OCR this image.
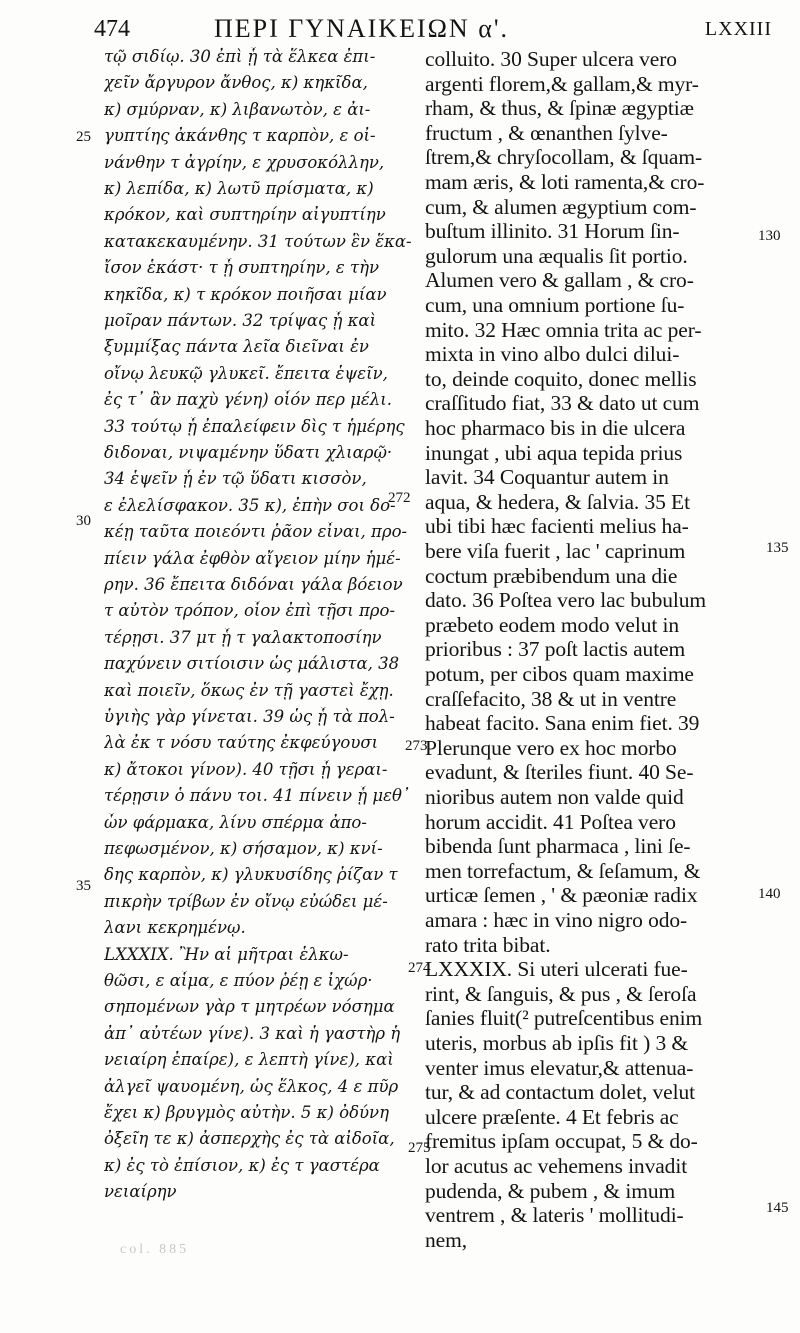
474	ΠΕΡΙ ΓΥΝΑΙΚΕΙΩΝ α'.	LXXIII
τῷ σιδίῳ. 30 ἐπὶ ᾗ τὰ ἕλκεα ἐπι-
χεῖν ἄργυρον ἄνθος, κ) κηκῖδα,
κ) σμύρναν, κ) λιβανωτὸν, ε ἀι-
γυπτίης ἀκάνθης τ καρπὸν, ε οἰ-
νάνθην τ ἀγρίην, ε χρυσοκόλλην,
κ) λεπίδα, κ) λωτῦ πρίσματα, κ)
κρόκον, καὶ συπτηρίην αἰγυπτίην
κατακεκαυμένην. 31 τούτων ἓν ἕκα-
ἴσον ἑκάστ· τ ᾗ συπτηρίην, ε τὴν
κηκῖδα, κ) τ κρόκον ποιῆσαι μίαν
μοῖραν πάντων. 32 τρίψας ᾗ καὶ
ξυμμίξας πάντα λεῖα διεῖναι ἐν
οἴνῳ λευκῷ γλυκεῖ. ἔπειτα ἑψεῖν,
ἐς τ᾽ ἂν παχὺ γένη) οἷόν περ μέλι.
33 τούτῳ ᾗ ἐπαλείφειν δὶς τ ἡμέρης
διδοναι, νιψαμένην ὕδατι χλιαρῷ·
34 ἑψεῖν ᾗ ἐν τῷ ὕδατι κισσὸν,
ε ἐλελίσφακον. 35 κ), ἐπὴν σοι δο-
κέῃ ταῦτα ποιεόντι ῥᾶον εἶναι, προ-
πίειν γάλα ἐφθὸν αἴγειον μίην ἡμέ-
ρην. 36 ἔπειτα διδόναι γάλα βόειον
τ αὐτὸν τρόπον, οἷον ἐπὶ τῇσι προ-
τέρῃσι. 37 μτ ᾗ τ γαλακτοποσίην
παχύνειν σιτίοισιν ὡς μάλιστα, 38
καὶ ποιεῖν, ὅκως ἐν τῇ γαστεὶ ἔχῃ.
ὑγιὴς γὰρ γίνεται. 39 ὡς ᾗ τὰ πολ-
λὰ ἐκ τ νόσυ ταύτης ἐκφεύγουσι
κ) ἄτοκοι γίνον). 40 τῇσι ᾗ γεραι-
τέρῃσιν ὁ πάνυ τοι. 41 πίνειν ᾗ μεθ᾽
ὧν φάρμακα, λίνυ σπέρμα ἀπο-
πεφωσμένον, κ) σήσαμον, κ) κνί-
δης καρπὸν, κ) γλυκυσίδης ῥίζαν τ
πικρὴν τρίβων ἐν οἴνῳ εὐώδει μέ-
λανι κεκρημένῳ.
LXXXIX. Ἢν αἱ μῆτραι ἑλκω-
θῶσι, ε αἷμα, ε πύον ῥέῃ ε ἰχώρ·
σηπομένων γὰρ τ μητρέων νόσημα
ἀπ᾽ αὐτέων γίνε). 3 καὶ ἡ γαστὴρ ἡ
νειαίρη ἐπαίρε), ε λεπτὴ γίνε), καὶ
ἀλγεῖ ψαυομένη, ὡς ἕλκος, 4 ε πῦρ
ἔχει κ) βρυγμὸς αὐτὴν. 5 κ) ὀδύνη
ὀξεῖη τε κ) ἀσπερχὴς ἐς τὰ αἰδοῖα,
κ) ἐς τὸ ἐπίσιον, κ) ἐς τ γαστέρα
νειαίρην
colluito. 30 Super ulcera vero
argenti florem,& gallam,& myr-
rham, & thus, & ſpinæ ægyptiæ
fructum , & œnanthen ſylve-
ſtrem,& chryſocollam, & ſquam-
mam æris, & loti ramenta,& cro-
cum, & alumen ægyptium com-
buſtum illinito. 31 Horum ſin-
gulorum una æqualis ſit portio.
Alumen vero & gallam , & cro-
cum, una omnium portione ſu-
mito. 32 Hæc omnia trita ac per-
mixta in vino albo dulci dilui-
to, deinde coquito, donec mellis
craſſitudo fiat, 33 & dato ut cum
hoc pharmaco bis in die ulcera
inungat , ubi aqua tepida prius
lavit. 34 Coquantur autem in
aqua, & hedera, & ſalvia. 35 Et
ubi tibi hæc facienti melius ha-
bere viſa fuerit , lac ' caprinum
coctum præbibendum una die
dato. 36 Poſtea vero lac bubulum
præbeto eodem modo velut in
prioribus : 37 poſt lactis autem
potum, per cibos quam maxime
craſſefacito, 38 & ut in ventre
habeat facito. Sana enim fiet. 39
Plerunque vero ex hoc morbo
evadunt, & ſteriles fiunt. 40 Se-
nioribus autem non valde quid
horum accidit. 41 Poſtea vero
bibenda ſunt pharmaca , lini ſe-
men torrefactum, & ſeſamum, &
urticæ ſemen , ' & pæoniæ radix
amara : hæc in vino nigro odo-
rato trita bibat.
LXXXIX. Si uteri ulcerati fue-
rint, & ſanguis, & pus , & ſeroſa
ſanies fluit(² putreſcentibus enim
uteris, morbus ab ipſis fit ) 3 &
venter imus elevatur,& attenua-
tur, & ad contactum dolet, velut
ulcere præſente. 4 Et febris ac
fremitus ipſam occupat, 5 & do-
lor acutus ac vehemens invadit
pudenda, & pubem , & imum
ventrem , & lateris ' mollitudi-
nem,
25
30
35
272
273
274
275
130
135
140
145
col. 885
